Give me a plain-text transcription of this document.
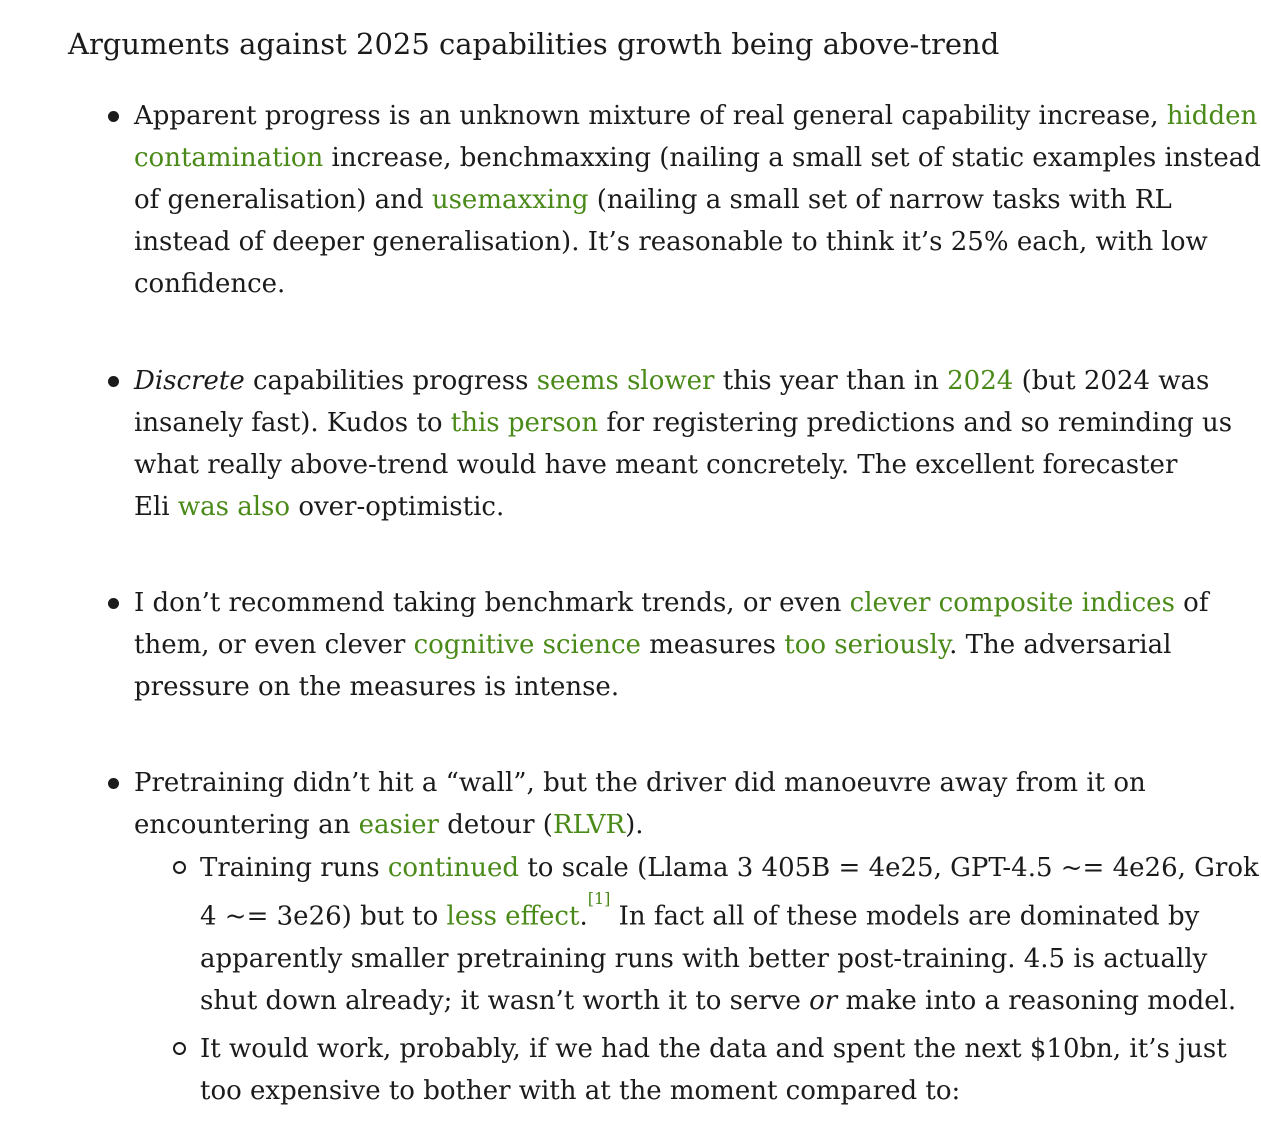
Arguments against 2025 capabilities growth being above-trend
Apparent progress is an unknown mixture of real general capability increase, hidden
contamination increase, benchmaxxing (nailing a small set of static examples instead
of generalisation) and usemaxxing (nailing a small set of narrow tasks with RL
instead of deeper generalisation). It’s reasonable to think it’s 25% each, with low
confidence.
Discrete capabilities progress seems slower this year than in 2024 (but 2024 was
insanely fast). Kudos to this person for registering predictions and so reminding us
what really above-trend would have meant concretely. The excellent forecaster
Eli was also over-optimistic.
I don’t recommend taking benchmark trends, or even clever composite indices of
them, or even clever cognitive science measures too seriously. The adversarial
pressure on the measures is intense.
Pretraining didn’t hit a “wall”, but the driver did manoeuvre away from it on
encountering an easier detour (RLVR).
Training runs continued to scale (Llama 3 405B = 4e25, GPT-4.5 ~= 4e26, Grok
4 ~= 3e26) but to less effect.[1] In fact all of these models are dominated by
apparently smaller pretraining runs with better post-training. 4.5 is actually
shut down already; it wasn’t worth it to serve or make into a reasoning model.
It would work, probably, if we had the data and spent the next $10bn, it’s just
too expensive to bother with at the moment compared to:
